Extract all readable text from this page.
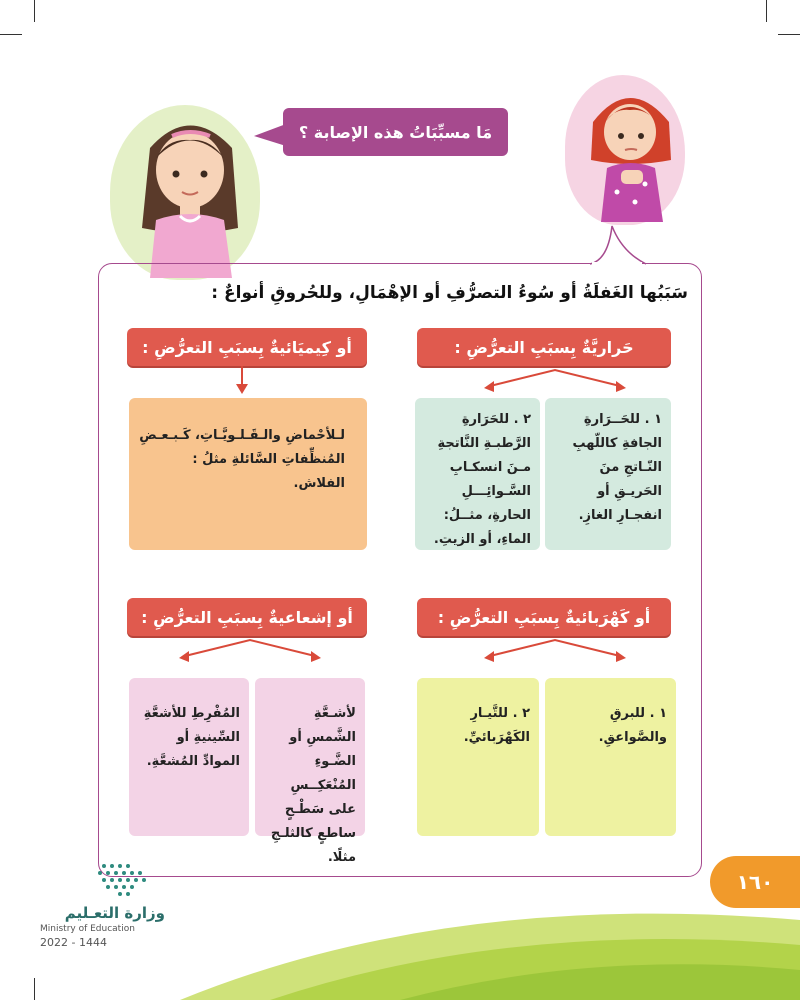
مَا مسبِّبَاتُ هذه الإصابة ؟
سَبَبُها الغَفلَةُ أو سُوءُ التصرُّفِ أو الإهْمَالِ، وللحُروقِ أنواعٌ :
حَراريَّةٌ بِسبَبِ التعرُّضِ :
أو كِيميَائيةٌ بِسبَبِ التعرُّضِ :
١ . للحَــرَارةِ الجافةِ كاللّهبِ النّـاتجِ منَ الحَريـقِ أو انفجـارِ الغازِ.
٢ . للحَرَارةِ الرَّطبـةِ النَّاتجةِ مـنَ انسكـابِ السَّـوائِـــلِ الحارةِ، مثــلُ: الماءِ، أو الزيتِ.
لـلأحْماضِ والـقَـلـويَّـاتِ، كَـبـعـضِ المُنظِّفاتِ السَّائلةِ مثلُ : الفلاش.
أو كَهْرَبائيةٌ بِسبَبِ التعرُّضِ :
أو إشعاعيةٌ بِسبَبِ التعرُّضِ :
١ . للبرقِ والصَّواعقِ.
٢ . للتَّيـارِ الكَهْرَبائيِّ.
لأشـعَّةِ الشَّمسِ أو الضَّـوءِ المُنْعَكِــسِ على سَطْـحٍ ساطعٍ كالثلـجِ مثلًا.
المُفْرِطِ للأشعَّةِ السِّينيةِ أو الموادِّ المُشعَّةِ.
١٦٠
وزارة التعـليم
Ministry of Education
2022 - 1444
